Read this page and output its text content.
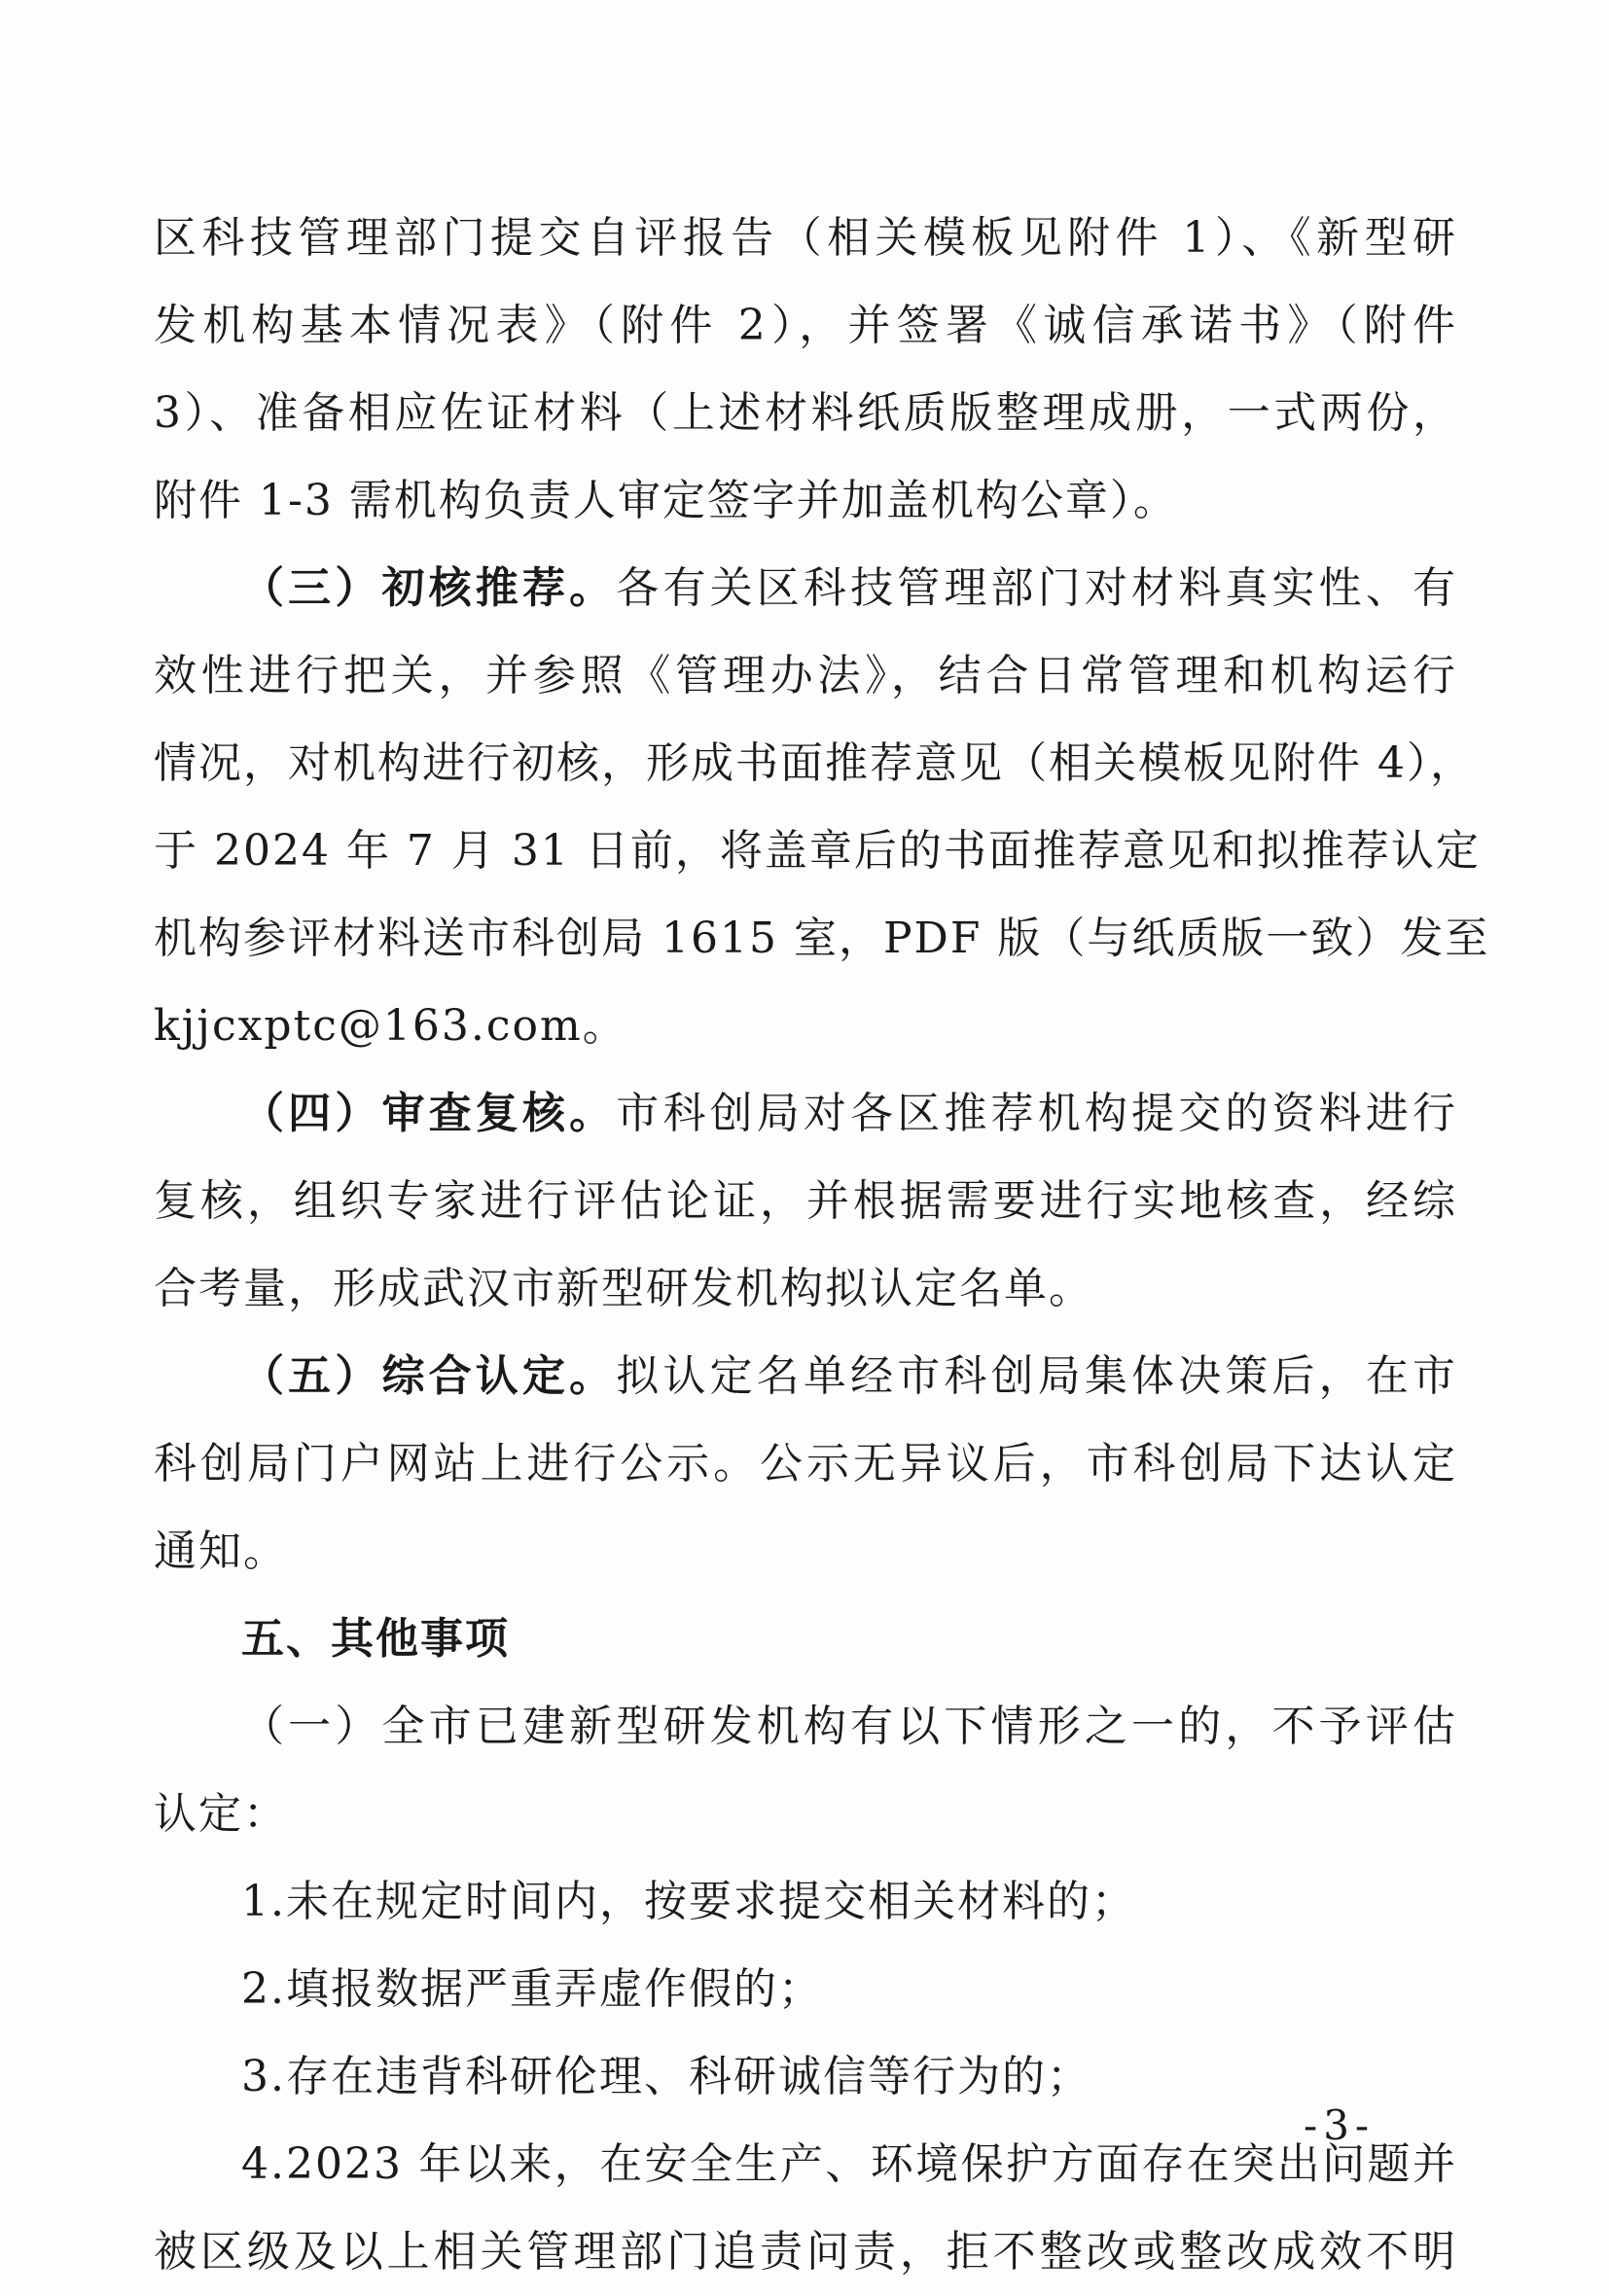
区科技管理部门提交自评报告（相关模板见附件 1）、《新型研
发机构基本情况表》（附件 2），并签署《诚信承诺书》（附件
3）、准备相应佐证材料（上述材料纸质版整理成册，一式两份，
附件 1-3 需机构负责人审定签字并加盖机构公章）。
（三）初核推荐。各有关区科技管理部门对材料真实性、有
效性进行把关，并参照《管理办法》，结合日常管理和机构运行
情况，对机构进行初核，形成书面推荐意见（相关模板见附件 4），
于 2024 年 7 月 31 日前，将盖章后的书面推荐意见和拟推荐认定
机构参评材料送市科创局 1615 室，PDF 版（与纸质版一致）发至
kjjcxptc@163.com。
（四）审查复核。市科创局对各区推荐机构提交的资料进行
复核，组织专家进行评估论证，并根据需要进行实地核查，经综
合考量，形成武汉市新型研发机构拟认定名单。
（五）综合认定。拟认定名单经市科创局集体决策后，在市
科创局门户网站上进行公示。公示无异议后，市科创局下达认定
通知。
五、其他事项
（一）全市已建新型研发机构有以下情形之一的，不予评估
认定：
1.未在规定时间内，按要求提交相关材料的；
2.填报数据严重弄虚作假的；
3.存在违背科研伦理、科研诚信等行为的；
4.2023 年以来，在安全生产、环境保护方面存在突出问题并
被区级及以上相关管理部门追责问责，拒不整改或整改成效不明
-3-
